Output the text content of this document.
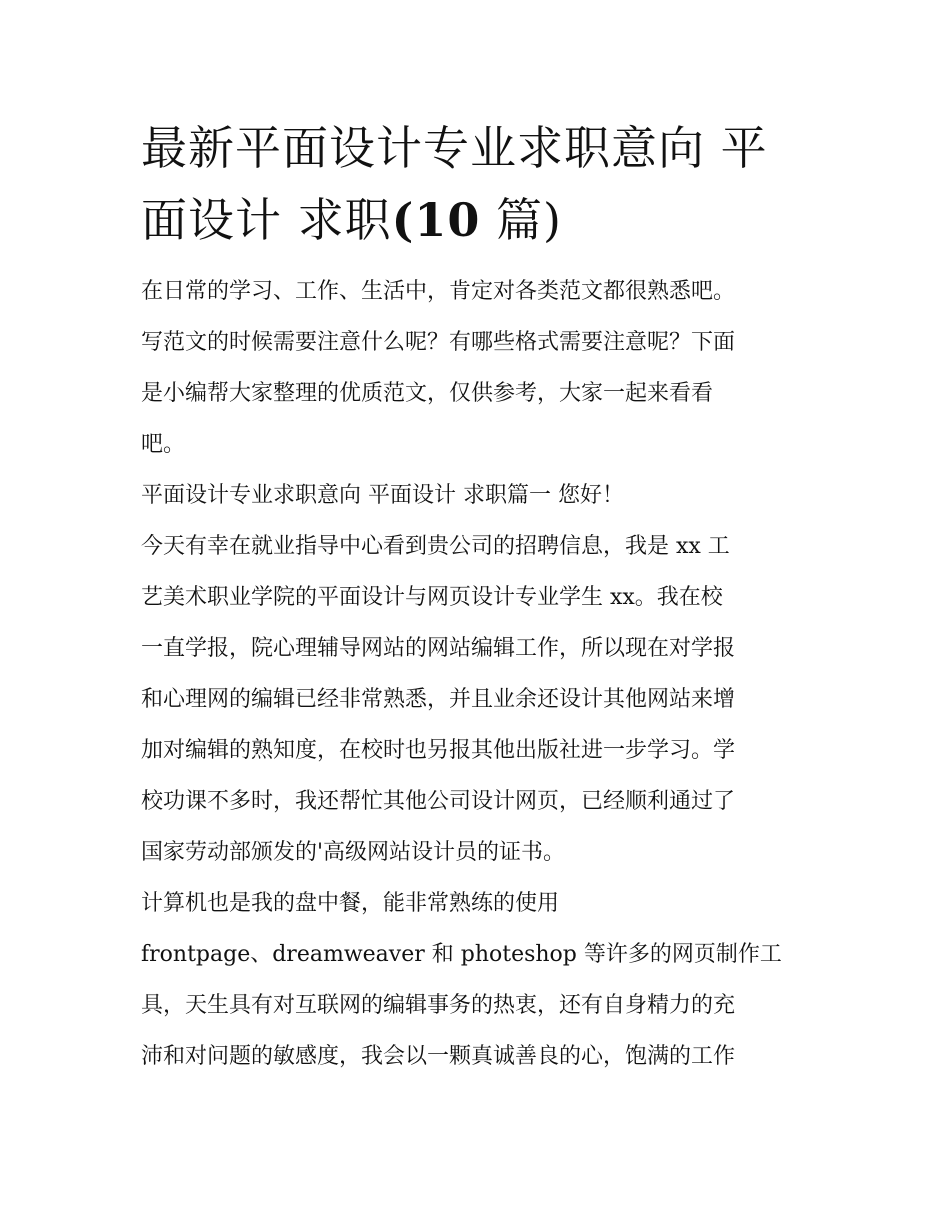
最新平面设计专业求职意向 平
面设计 求职(10 篇)
在日常的学习、工作、生活中，肯定对各类范文都很熟悉吧。
写范文的时候需要注意什么呢？有哪些格式需要注意呢？下面
是小编帮大家整理的优质范文，仅供参考，大家一起来看看
吧。
平面设计专业求职意向 平面设计 求职篇一 您好！
今天有幸在就业指导中心看到贵公司的招聘信息，我是 xx 工
艺美术职业学院的平面设计与网页设计专业学生 xx。我在校
一直学报，院心理辅导网站的网站编辑工作，所以现在对学报
和心理网的编辑已经非常熟悉，并且业余还设计其他网站来增
加对编辑的熟知度，在校时也另报其他出版社进一步学习。学
校功课不多时，我还帮忙其他公司设计网页，已经顺利通过了
国家劳动部颁发的'高级网站设计员的证书。
计算机也是我的盘中餐，能非常熟练的使用
frontpage、dreamweaver 和 photeshop 等许多的网页制作工
具，天生具有对互联网的编辑事务的热衷，还有自身精力的充
沛和对问题的敏感度，我会以一颗真诚善良的心，饱满的工作
